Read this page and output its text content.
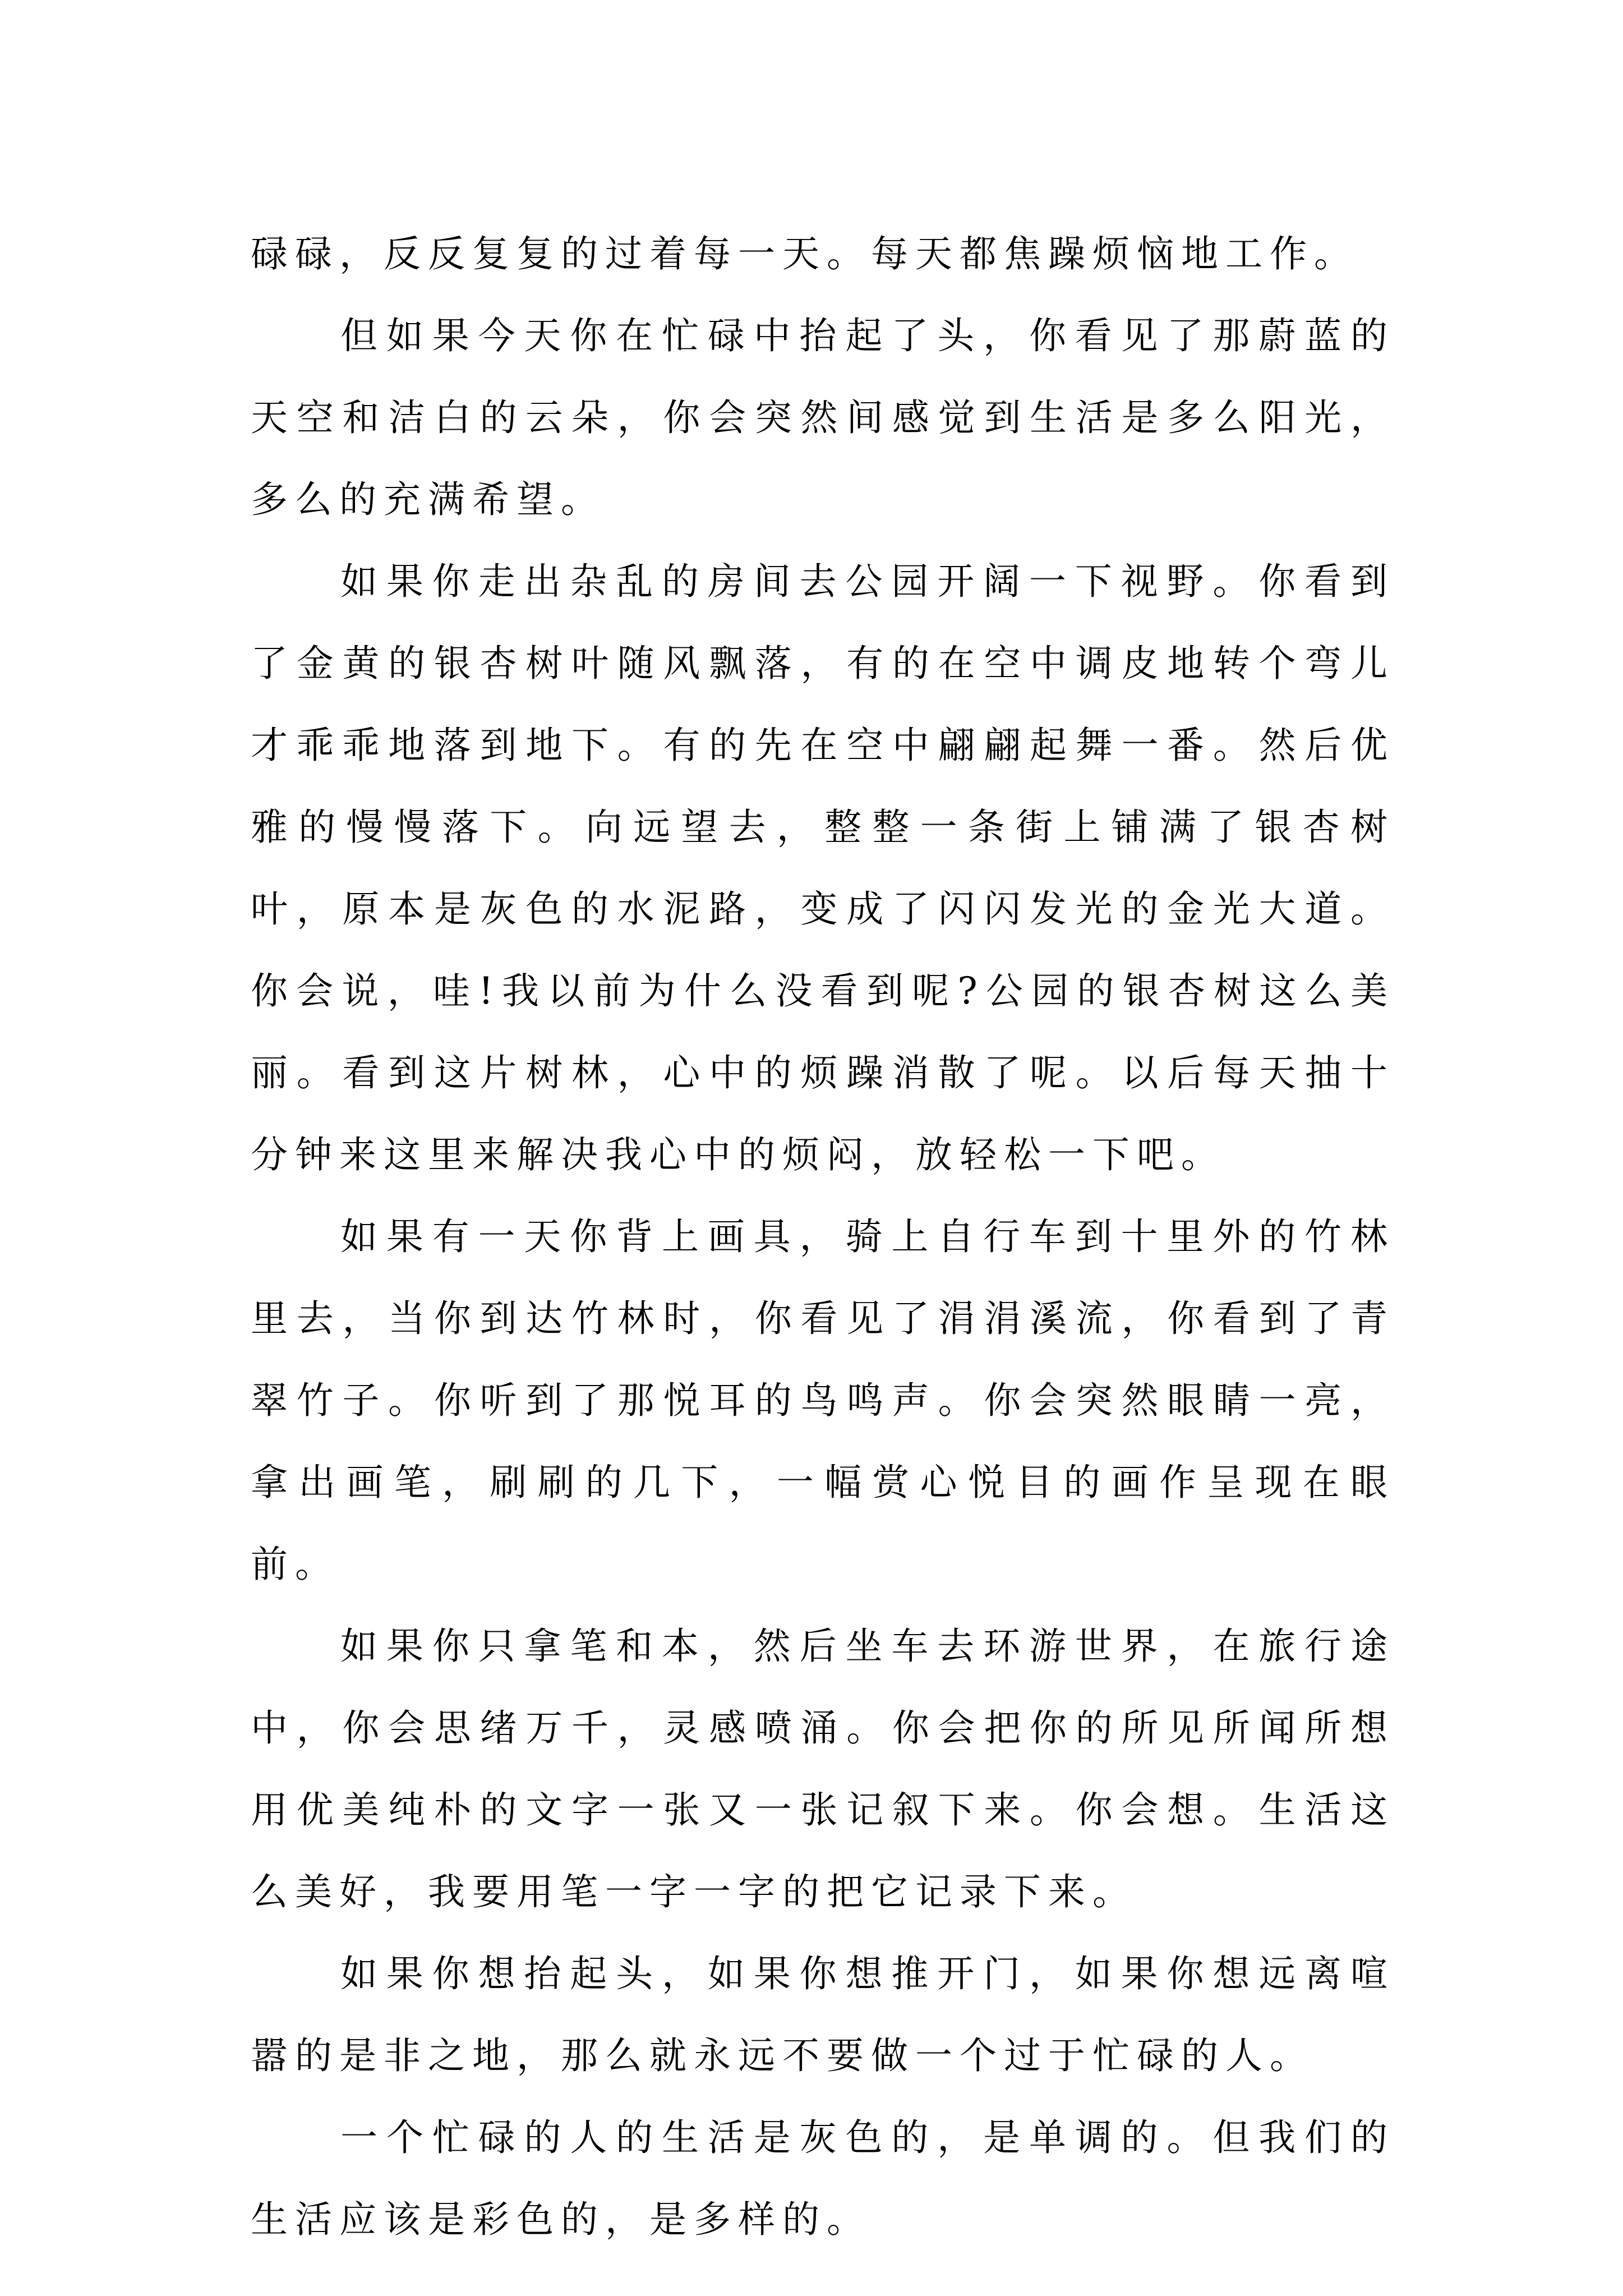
碌碌，反反复复的过着每一天。每天都焦躁烦恼地工作。

但如果今天你在忙碌中抬起了头，你看见了那蔚蓝的天空和洁白的云朵，你会突然间感觉到生活是多么阳光，多么的充满希望。

如果你走出杂乱的房间去公园开阔一下视野。你看到了金黄的银杏树叶随风飘落，有的在空中调皮地转个弯儿才乖乖地落到地下。有的先在空中翩翩起舞一番。然后优雅的慢慢落下。向远望去，整整一条街上铺满了银杏树叶，原本是灰色的水泥路，变成了闪闪发光的金光大道。你会说，哇!我以前为什么没看到呢?公园的银杏树这么美丽。看到这片树林，心中的烦躁消散了呢。以后每天抽十分钟来这里来解决我心中的烦闷，放轻松一下吧。

如果有一天你背上画具，骑上自行车到十里外的竹林里去，当你到达竹林时，你看见了涓涓溪流，你看到了青翠竹子。你听到了那悦耳的鸟鸣声。你会突然眼睛一亮，拿出画笔，刷刷的几下，一幅赏心悦目的画作呈现在眼前。

如果你只拿笔和本，然后坐车去环游世界，在旅行途中，你会思绪万千，灵感喷涌。你会把你的所见所闻所想用优美纯朴的文字一张又一张记叙下来。你会想。生活这么美好，我要用笔一字一字的把它记录下来。

如果你想抬起头，如果你想推开门，如果你想远离喧嚣的是非之地，那么就永远不要做一个过于忙碌的人。

一个忙碌的人的生活是灰色的，是单调的。但我们的生活应该是彩色的，是多样的。
